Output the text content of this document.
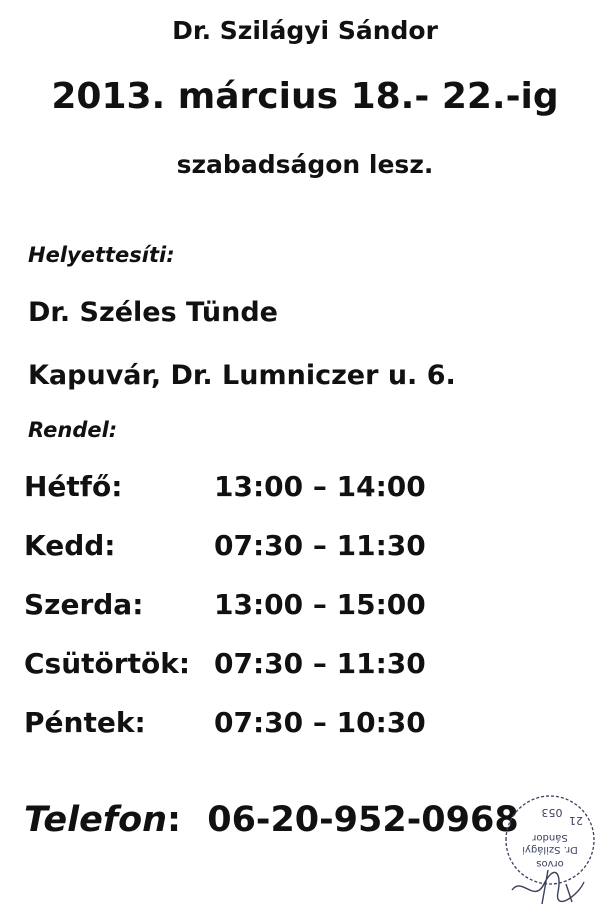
Dr. Szilágyi Sándor
2013. március 18.- 22.-ig
szabadságon lesz.
Helyettesíti:
Dr. Széles Tünde
Kapuvár, Dr. Lumniczer u. 6.
Rendel:
Hétfő:	13:00 – 14:00
Kedd:	07:30 – 11:30
Szerda:	13:00 – 15:00
Csütörtök: 07:30 – 11:30
Péntek: 07:30 – 10:30
Telefon: 06-20-952-0968
orvos
Dr. Szilágyi
Sándor
21
053
